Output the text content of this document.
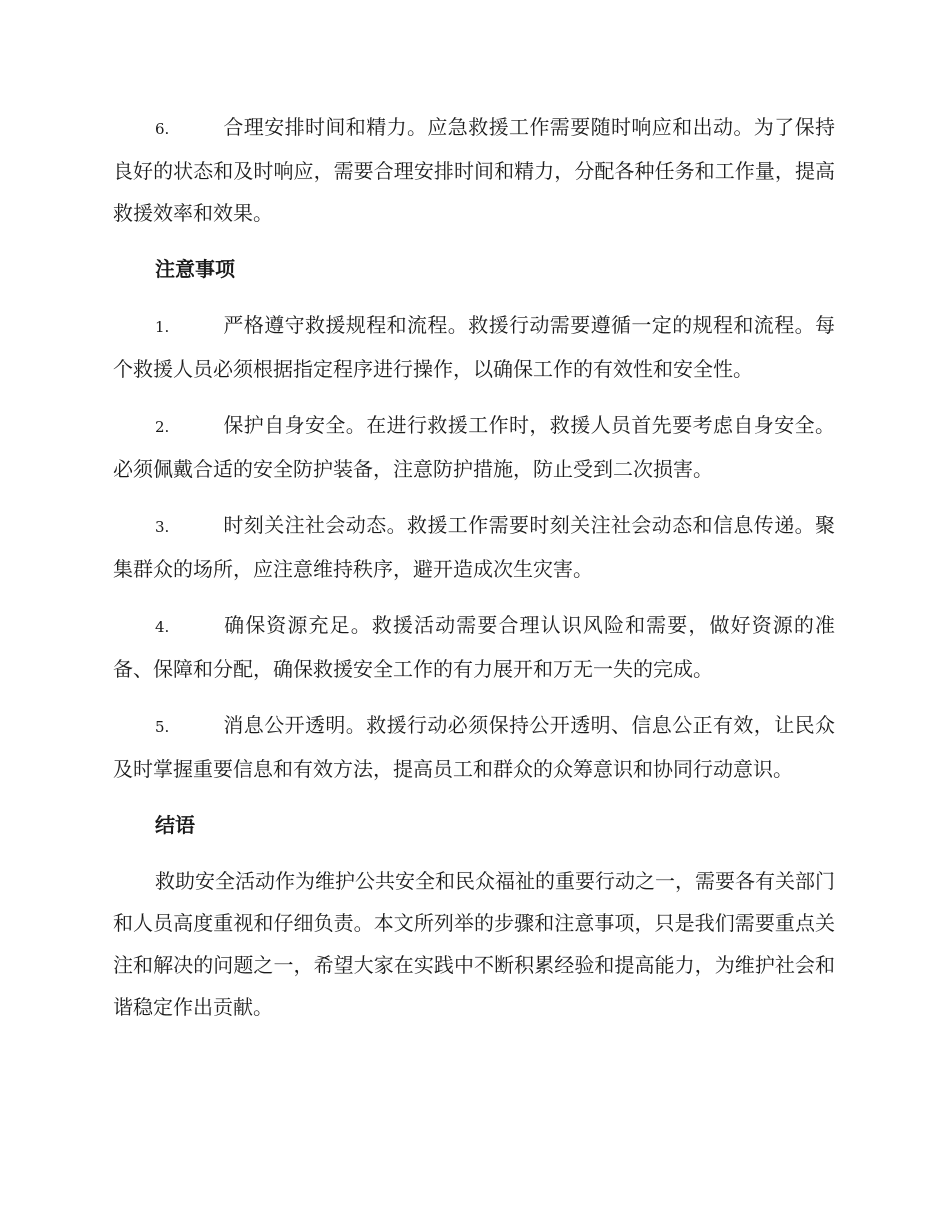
6.	合理安排时间和精力。应急救援工作需要随时响应和出动。为了保持良好的状态和及时响应，需要合理安排时间和精力，分配各种任务和工作量，提高救援效率和效果。

注意事项

1.	严格遵守救援规程和流程。救援行动需要遵循一定的规程和流程。每个救援人员必须根据指定程序进行操作，以确保工作的有效性和安全性。

2.	保护自身安全。在进行救援工作时，救援人员首先要考虑自身安全。必须佩戴合适的安全防护装备，注意防护措施，防止受到二次损害。

3.	时刻关注社会动态。救援工作需要时刻关注社会动态和信息传递。聚集群众的场所，应注意维持秩序，避开造成次生灾害。

4.	确保资源充足。救援活动需要合理认识风险和需要，做好资源的准备、保障和分配，确保救援安全工作的有力展开和万无一失的完成。

5.	消息公开透明。救援行动必须保持公开透明、信息公正有效，让民众及时掌握重要信息和有效方法，提高员工和群众的众筹意识和协同行动意识。

结语

救助安全活动作为维护公共安全和民众福祉的重要行动之一，需要各有关部门和人员高度重视和仔细负责。本文所列举的步骤和注意事项，只是我们需要重点关注和解决的问题之一，希望大家在实践中不断积累经验和提高能力，为维护社会和谐稳定作出贡献。
